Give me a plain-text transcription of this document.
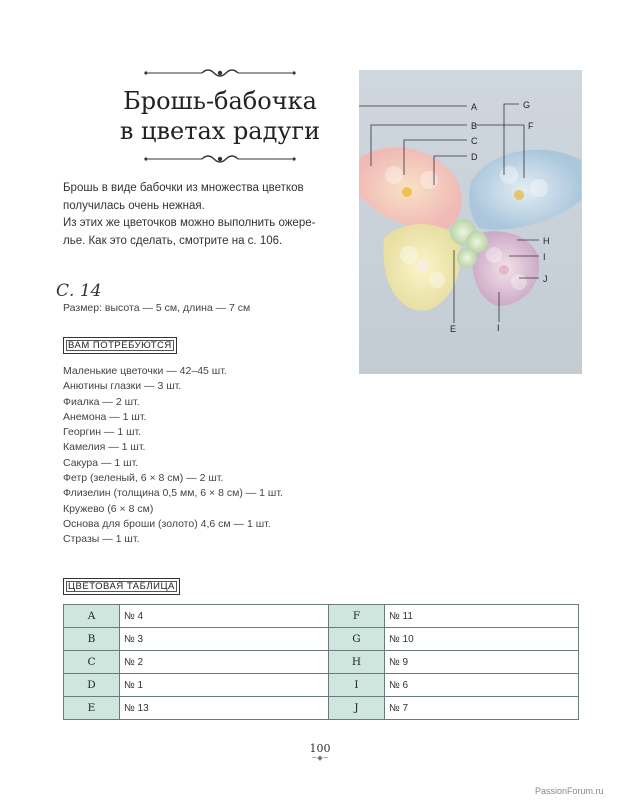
Брошь-бабочка
в цветах радуги

Брошь в виде бабочки из множества цветков

получилась очень нежная.

Из этих же цветочков можно выполнить ожере-

лье. Как это сделать, смотрите на с. 106.

С. 14
Размер: высота — 5 см, длина — 7 см
ВАМ ПОТРЕБУЮТСЯ
Маленькие цветочки — 42–45 шт.
Анютины глазки — 3 шт.
Фиалка — 2 шт.
Анемона — 1 шт.
Георгин — 1 шт.
Камелия — 1 шт.
Сакура — 1 шт.
Фетр (зеленый, 6 × 8 см) — 2 шт.
Флизелин (толщина 0,5 мм, 6 × 8 см) — 1 шт.
Кружево (6 × 8 см)
Основа для броши (золото) 4,6 см — 1 шт.
Стразы — 1 шт.
A
B
C
D
E
F
G
H
I
I
J
ЦВЕТОВАЯ ТАБЛИЦА
A	№ 4	F	№ 11
B	№ 3	G	№ 10
C	№ 2	H	№ 9
D	№ 1	I	№ 6
E	№ 13	J	№ 7
100
~◆~
PassionForum.ru
